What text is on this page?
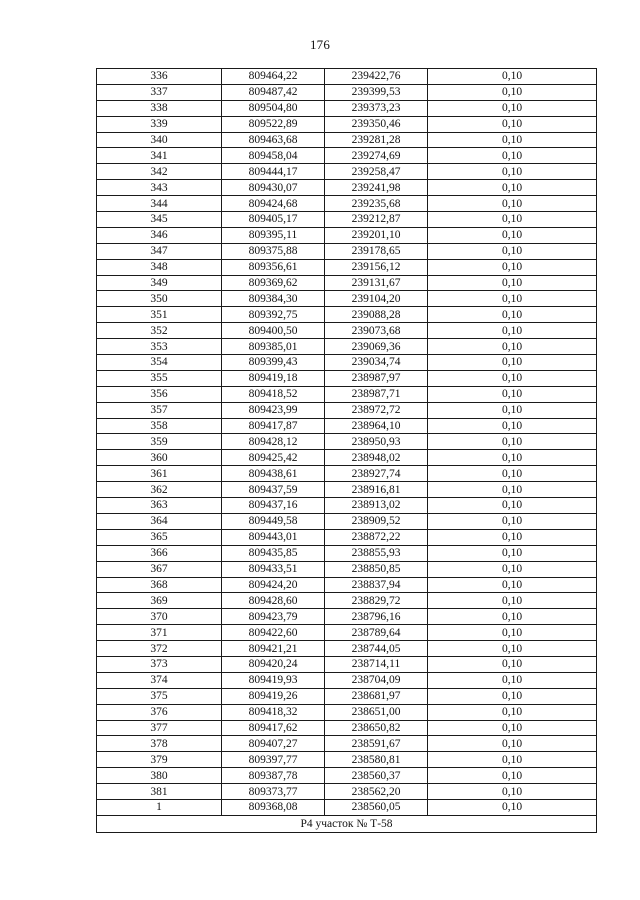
176
336	809464,22	239422,76	0,10
337	809487,42	239399,53	0,10
338	809504,80	239373,23	0,10
339	809522,89	239350,46	0,10
340	809463,68	239281,28	0,10
341	809458,04	239274,69	0,10
342	809444,17	239258,47	0,10
343	809430,07	239241,98	0,10
344	809424,68	239235,68	0,10
345	809405,17	239212,87	0,10
346	809395,11	239201,10	0,10
347	809375,88	239178,65	0,10
348	809356,61	239156,12	0,10
349	809369,62	239131,67	0,10
350	809384,30	239104,20	0,10
351	809392,75	239088,28	0,10
352	809400,50	239073,68	0,10
353	809385,01	239069,36	0,10
354	809399,43	239034,74	0,10
355	809419,18	238987,97	0,10
356	809418,52	238987,71	0,10
357	809423,99	238972,72	0,10
358	809417,87	238964,10	0,10
359	809428,12	238950,93	0,10
360	809425,42	238948,02	0,10
361	809438,61	238927,74	0,10
362	809437,59	238916,81	0,10
363	809437,16	238913,02	0,10
364	809449,58	238909,52	0,10
365	809443,01	238872,22	0,10
366	809435,85	238855,93	0,10
367	809433,51	238850,85	0,10
368	809424,20	238837,94	0,10
369	809428,60	238829,72	0,10
370	809423,79	238796,16	0,10
371	809422,60	238789,64	0,10
372	809421,21	238744,05	0,10
373	809420,24	238714,11	0,10
374	809419,93	238704,09	0,10
375	809419,26	238681,97	0,10
376	809418,32	238651,00	0,10
377	809417,62	238650,82	0,10
378	809407,27	238591,67	0,10
379	809397,77	238580,81	0,10
380	809387,78	238560,37	0,10
381	809373,77	238562,20	0,10
1	809368,08	238560,05	0,10
Р4 участок № Т-58			
